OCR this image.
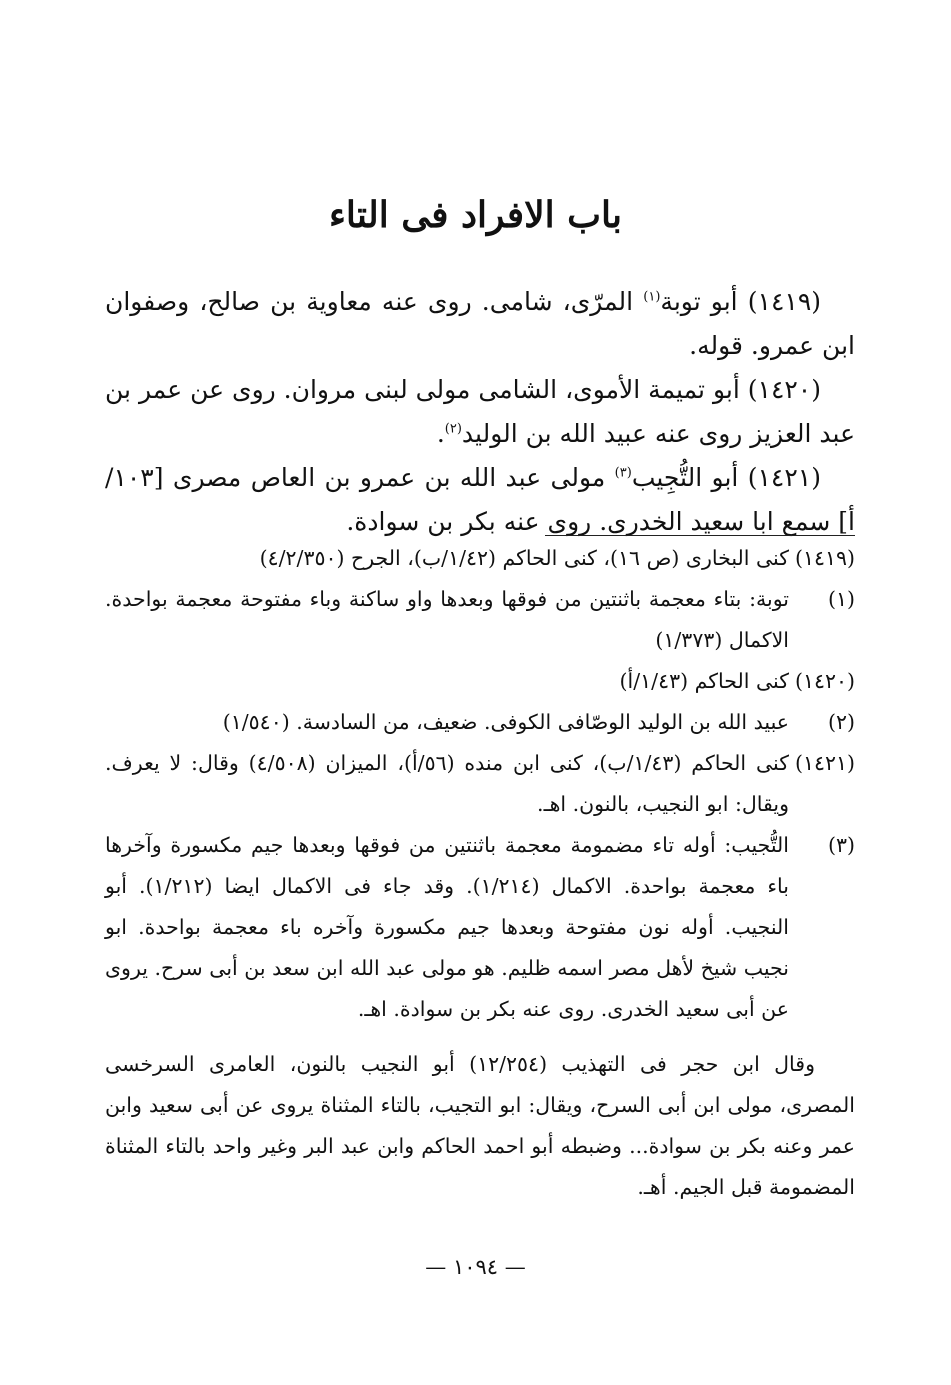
باب الافراد فى التاء

(١٤١٩) أبو توبة$^{(١)}$ المرّى، شامى. روى عنه معاوية بن صالح، وصفوان ابن عمرو. قوله.

(١٤٢٠) أبو تميمة الأموى، الشامى مولى لبنى مروان. روى عن عمر بن عبد العزيز روى عنه عبيد الله بن الوليد$^{(٢)}$.

(١٤٢١) أبو التُّجِيب$^{(٣)}$ مولى عبد الله بن عمرو بن العاص مصرى [١٠٣/أ] سمع ابا سعيد الخدرى. روى عنه بكر بن سوادة.

(١٤١٩)
كنى البخارى (ص ١٦)، كنى الحاكم (١/٤٢/ب)، الجرح (٤/٢/٣٥٠)
(١)
توبة: بتاء معجمة باثنتين من فوقها وبعدها واو ساكنة وباء مفتوحة معجمة بواحدة. الاكمال (١/٣٧٣)
(١٤٢٠)
كنى الحاكم (١/٤٣/أ)
(٢)
عبيد الله بن الوليد الوصّافى الكوفى. ضعيف، من السادسة. (١/٥٤٠)
(١٤٢١)
كنى الحاكم (١/٤٣/ب)، كنى ابن منده (٥٦/أ)، الميزان (٤/٥٠٨) وقال: لا يعرف. ويقال: ابو النجيب، بالنون. اهـ.
(٣)
التُّجيب: أوله تاء مضمومة معجمة باثنتين من فوقها وبعدها جيم مكسورة وآخرها باء معجمة بواحدة. الاكمال (١/٢١٤). وقد جاء فى الاكمال ايضا (١/٢١٢). أبو النجيب. أوله نون مفتوحة وبعدها جيم مكسورة وآخره باء معجمة بواحدة. ابو نجيب شيخ لأهل مصر اسمه ظليم. هو مولى عبد الله ابن سعد بن أبى سرح. يروى عن أبى سعيد الخدرى. روى عنه بكر بن سوادة. اهـ.
وقال ابن حجر فى التهذيب (١٢/٢٥٤) أبو النجيب بالنون، العامرى السرخسى المصرى، مولى ابن أبى السرح، ويقال: ابو التجيب، بالتاء المثناة يروى عن أبى سعيد وابن عمر وعنه بكر بن سوادة... وضبطه أبو احمد الحاكم وابن عبد البر وغير واحد بالتاء المثناة المضمومة قبل الجيم. أهـ.
— ١٠٩٤ —
